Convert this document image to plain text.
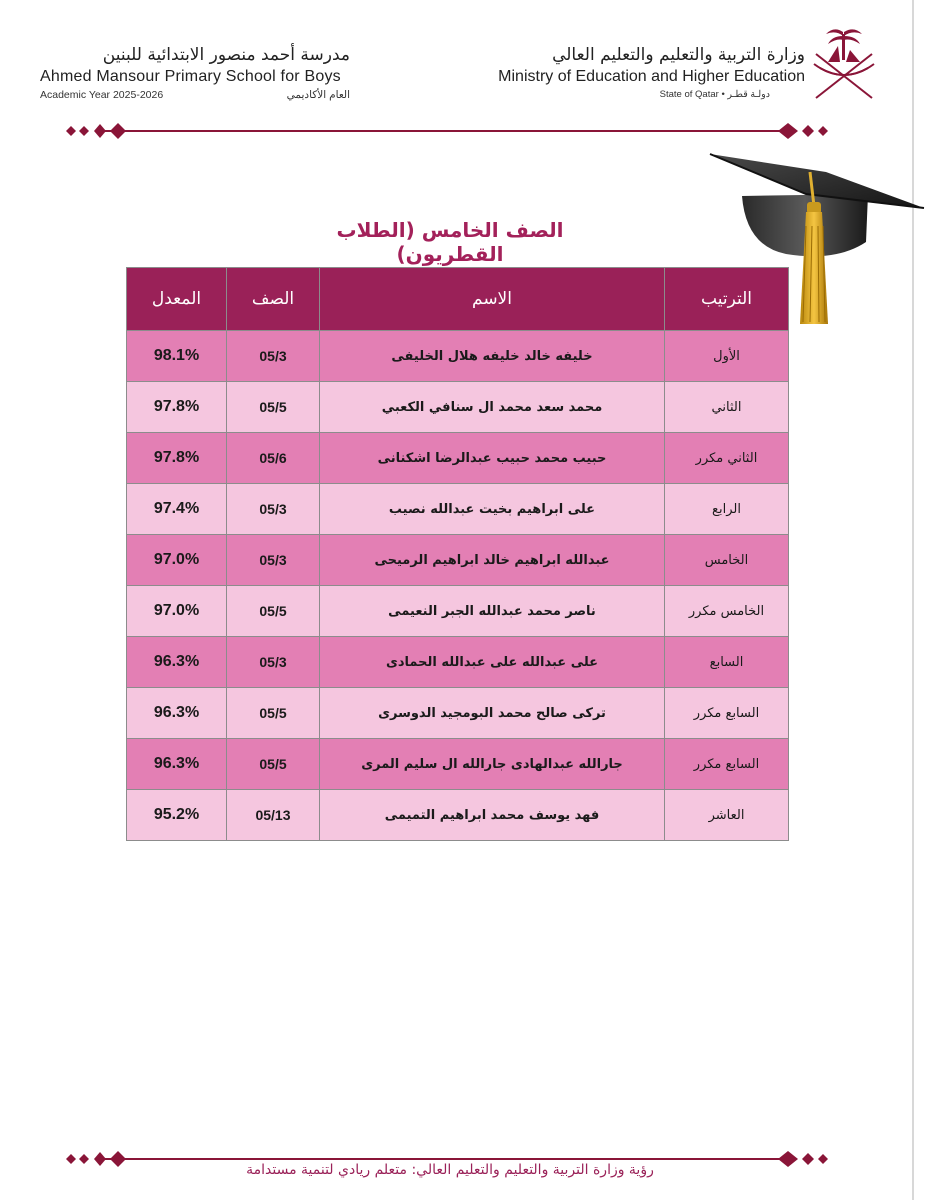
مدرسة أحمد منصور الابتدائية للبنين
Ahmed Mansour Primary School for Boys
Academic Year 2025-2026	العام الأكاديمي
وزارة التربية والتعليم والتعليم العالي
Ministry of Education and Higher Education
State of Qatar • دولـة قطـر
الصف الخامس (الطلاب القطريون)
الترتيب	الاسم	الصف	المعدل
الأول	خليفه خالد خليفه هلال الخليفى	05/3	98.1%
الثاني	محمد سعد محمد ال سنافي الكعبي	05/5	97.8%
الثاني مكرر	حبيب محمد حبيب عبدالرضا اشكنانى	05/6	97.8%
الرابع	على ابراهيم بخيت عبدالله نصيب	05/3	97.4%
الخامس	عبدالله ابراهيم خالد ابراهيم الرميحى	05/3	97.0%
الخامس مكرر	ناصر محمد عبدالله الجبر النعيمى	05/5	97.0%
السابع	على عبدالله على عبدالله الحمادى	05/3	96.3%
السابع مكرر	تركى صالح محمد البومجيد الدوسرى	05/5	96.3%
السابع مكرر	جارالله عبدالهادى جارالله ال سليم المرى	05/5	96.3%
العاشر	فهد يوسف محمد ابراهيم التميمى	05/13	95.2%
رؤية وزارة التربية والتعليم والتعليم العالي: متعلم ريادي لتنمية مستدامة
